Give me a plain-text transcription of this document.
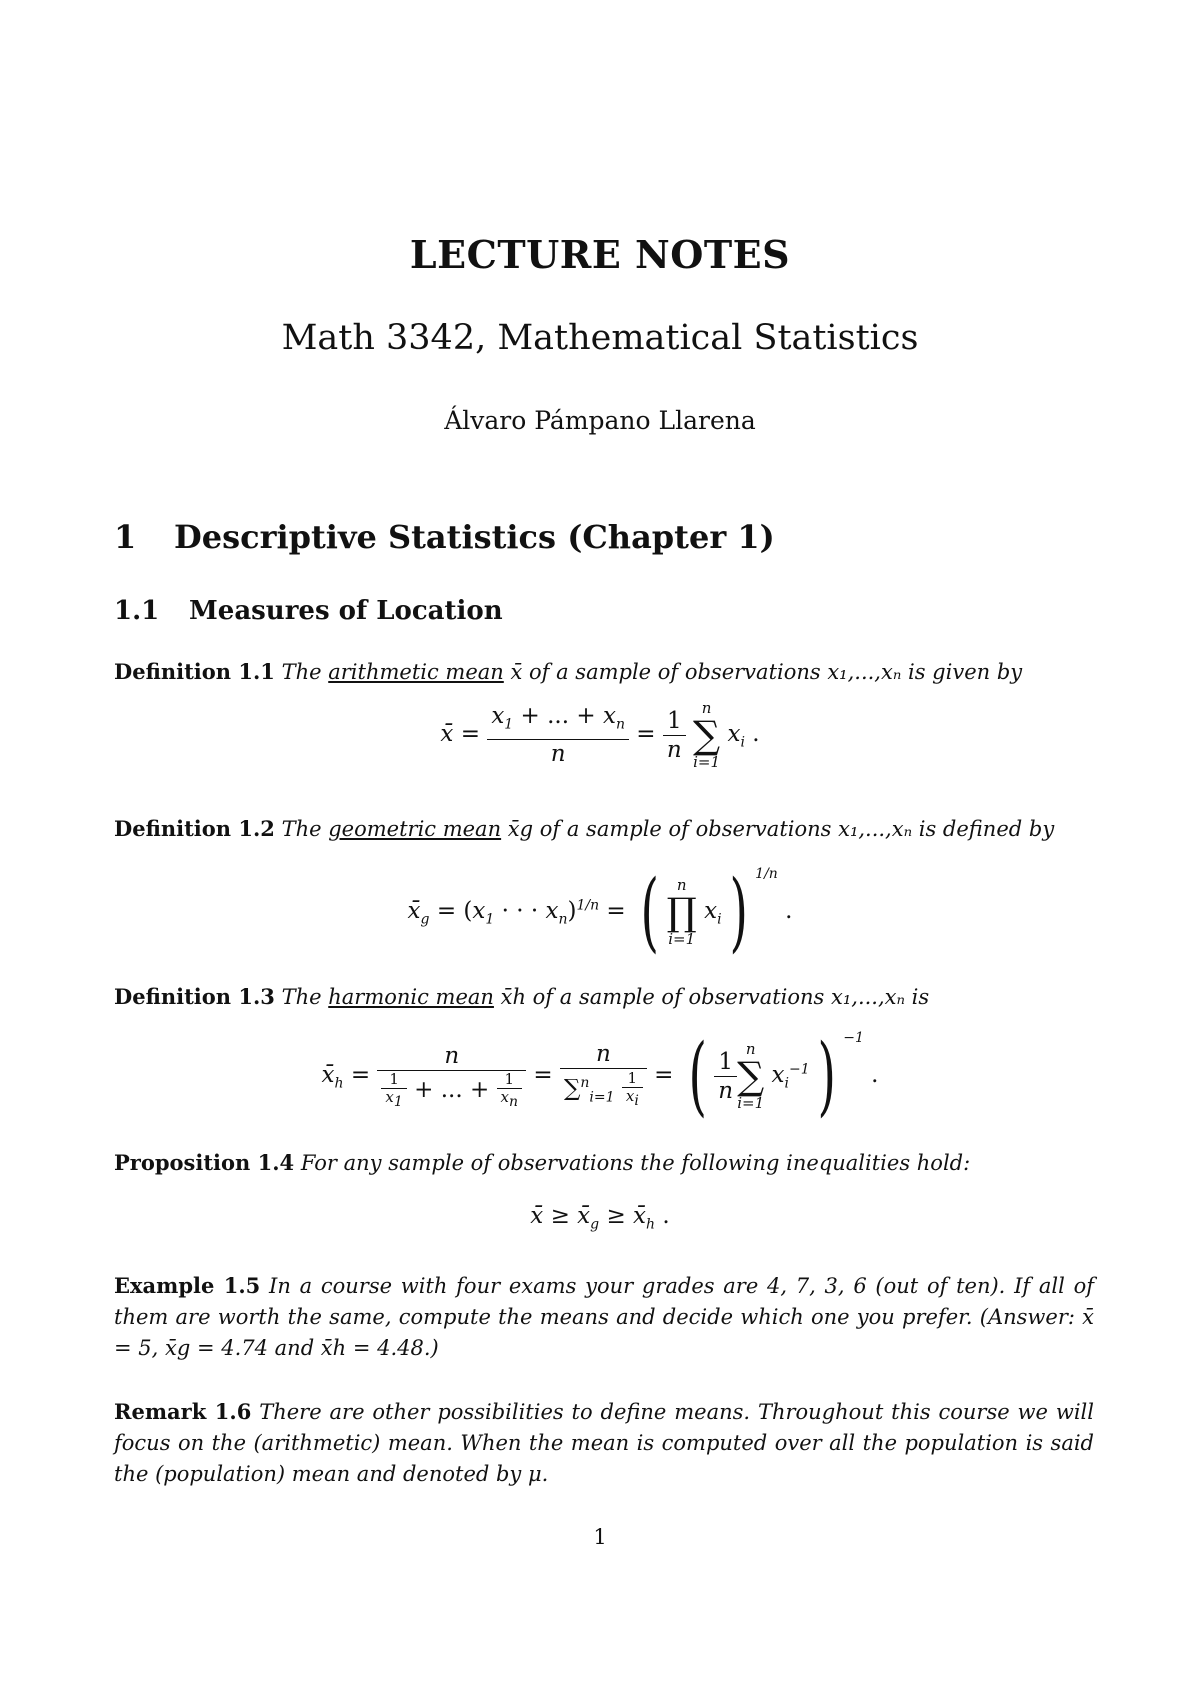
LECTURE NOTES
Math 3342, Mathematical Statistics
Álvaro Pámpano Llarena
1 Descriptive Statistics (Chapter 1)
1.1 Measures of Location
Definition 1.1 The arithmetic mean x̄ of a sample of observations x₁,...,xₙ is given by
x̄ = $\frac{x_1 + ... + x_n}{n} = \frac{1}{n}$
	n
∑
i=1
$x_i$ .
Definition 1.2 The geometric mean x̄g of a sample of observations x₁,...,xₙ is defined by
$x̄_g = (x_1$ · · · $x_n)^{1/n}$ = (	n
∏
i=1
$x_i$) $^{1/n}$ .
Definition 1.3 The harmonic mean x̄h of a sample of observations x₁,...,xₙ is
$x̄_h = \frac{n}{\frac{1}{x_1} + ... + \frac{1}{x_n}} = \frac{n}{\sum^n_{i=1} \frac{1}{x_i}}$ = ( $\frac{1}{n}$ n
∑
i=1
$x_i^{-1}$) $^{-1}$ .
Proposition 1.4 For any sample of observations the following inequalities hold:
x̄ ≥ $x̄_g$ ≥ $x̄_h$ .
Example 1.5 In a course with four exams your grades are 4, 7, 3, 6 (out of ten). If all of them are worth the same, compute the means and decide which one you prefer. (Answer: x̄ = 5, x̄g = 4.74 and x̄h = 4.48.)
Remark 1.6 There are other possibilities to define means. Throughout this course we will focus on the (arithmetic) mean. When the mean is computed over all the population is said the (population) mean and denoted by μ.
1
